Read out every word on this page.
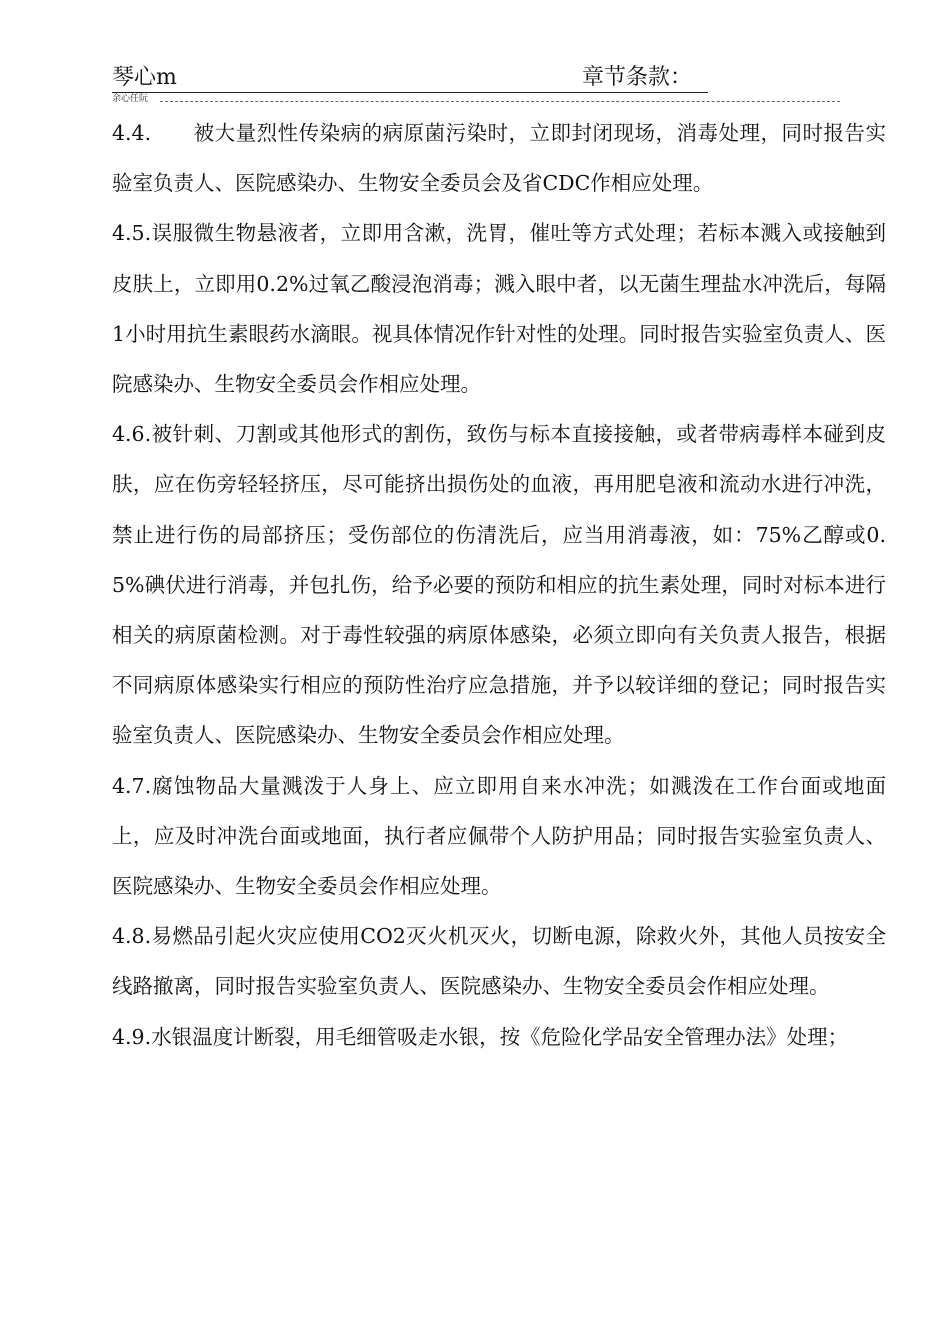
琴心m	章节条款：
余心任阮

4.4.　　被大量烈性传染病的病原菌污染时，立即封闭现场，消毒处理，同时报告实验室负责人、医院感染办、生物安全委员会及省CDC作相应处理。

4.5.误服微生物悬液者，立即用含漱，洗胃，催吐等方式处理；若标本溅入或接触到皮肤上，立即用0.2%过氧乙酸浸泡消毒；溅入眼中者，以无菌生理盐水冲洗后，每隔1小时用抗生素眼药水滴眼。视具体情况作针对性的处理。同时报告实验室负责人、医院感染办、生物安全委员会作相应处理。

4.6.被针刺、刀割或其他形式的割伤，致伤与标本直接接触，或者带病毒样本碰到皮肤，应在伤旁轻轻挤压，尽可能挤出损伤处的血液，再用肥皂液和流动水进行冲洗，禁止进行伤的局部挤压；受伤部位的伤清洗后，应当用消毒液，如：75%乙醇或0.5%碘伏进行消毒，并包扎伤，给予必要的预防和相应的抗生素处理，同时对标本进行相关的病原菌检测。对于毒性较强的病原体感染，必须立即向有关负责人报告，根据不同病原体感染实行相应的预防性治疗应急措施，并予以较详细的登记；同时报告实验室负责人、医院感染办、生物安全委员会作相应处理。

4.7.腐蚀物品大量溅泼于人身上、应立即用自来水冲洗；如溅泼在工作台面或地面上，应及时冲洗台面或地面，执行者应佩带个人防护用品；同时报告实验室负责人、医院感染办、生物安全委员会作相应处理。

4.8.易燃品引起火灾应使用CO2灭火机灭火，切断电源，除救火外，其他人员按安全线路撤离，同时报告实验室负责人、医院感染办、生物安全委员会作相应处理。

4.9.水银温度计断裂，用毛细管吸走水银，按《危险化学品安全管理办法》处理；
